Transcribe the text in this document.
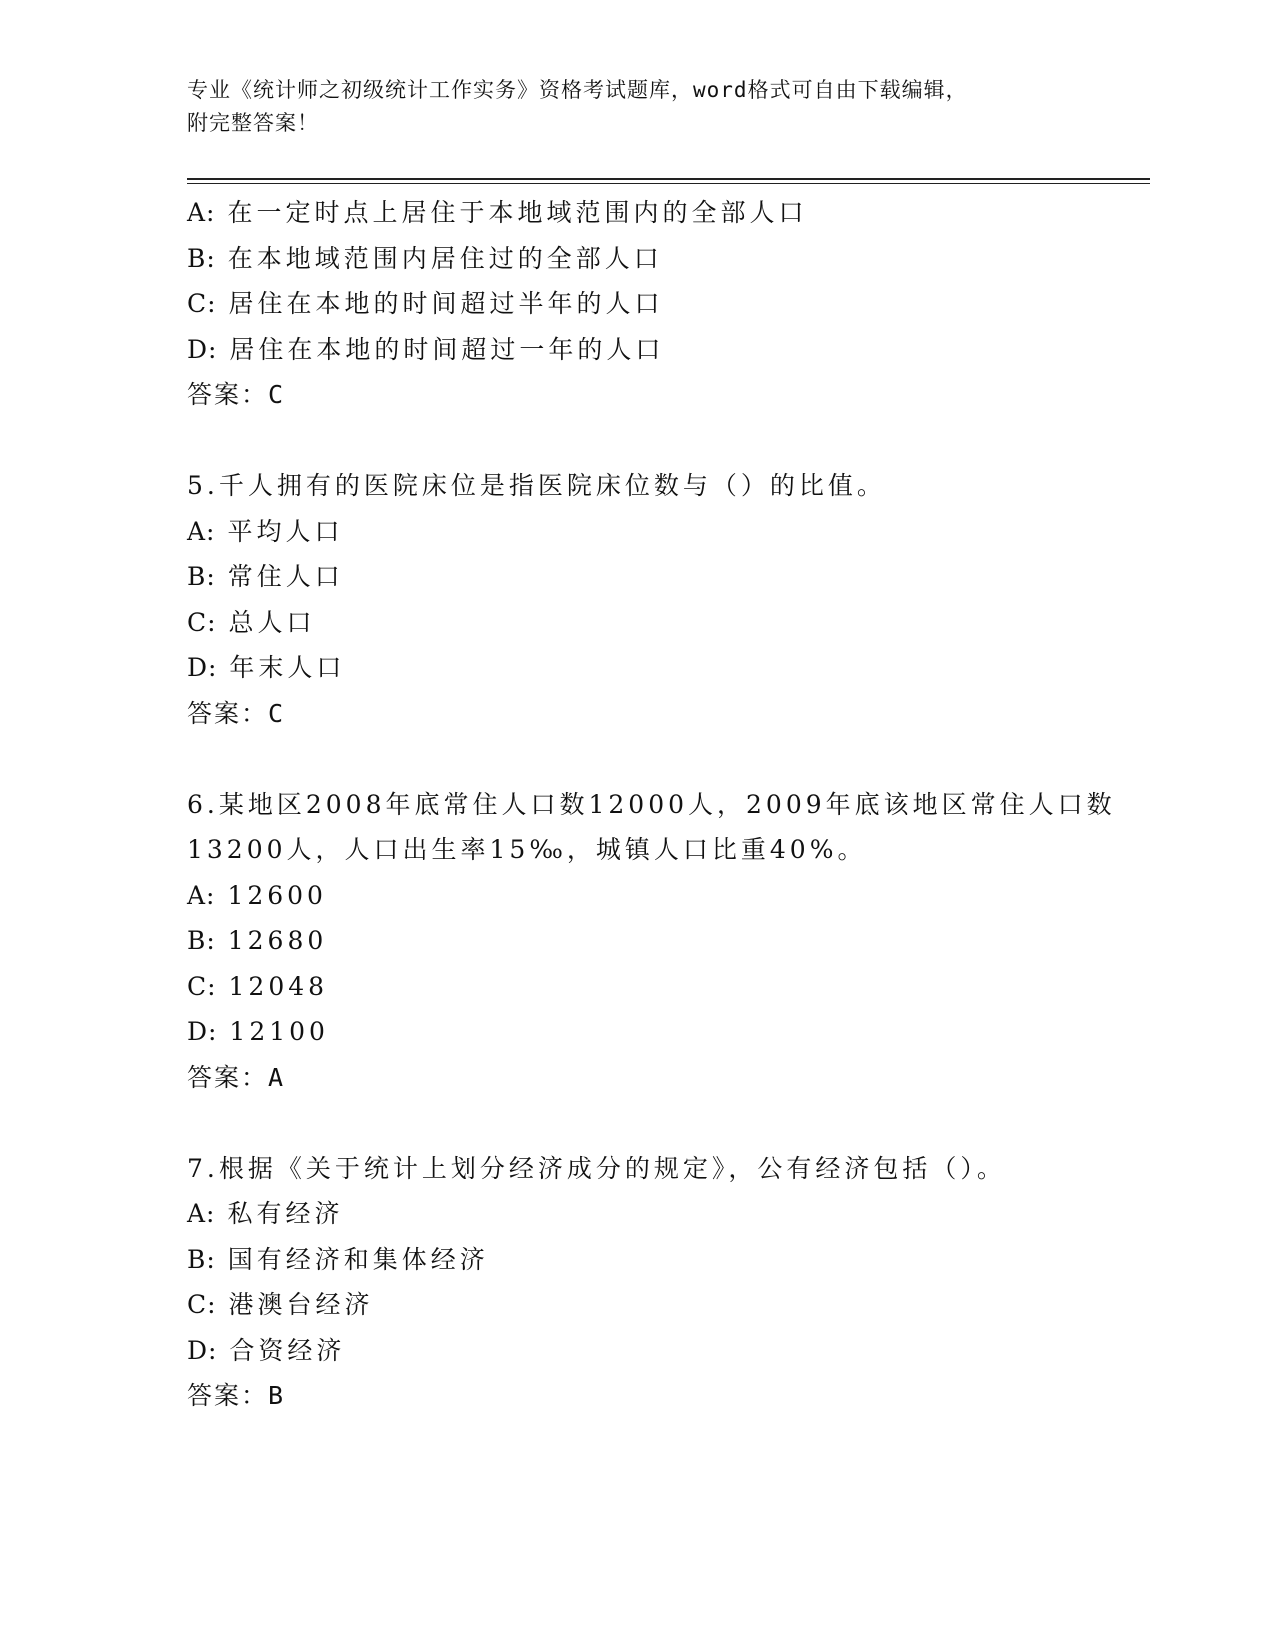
专业《统计师之初级统计工作实务》资格考试题库，word格式可自由下载编辑，
附完整答案！
A: 在一定时点上居住于本地域范围内的全部人口
B: 在本地域范围内居住过的全部人口
C: 居住在本地的时间超过半年的人口
D: 居住在本地的时间超过一年的人口
答案：C
5.千人拥有的医院床位是指医院床位数与（）的比值。
A: 平均人口
B: 常住人口
C: 总人口
D: 年末人口
答案：C
6.某地区2008年底常住人口数12000人，2009年底该地区常住人口数
13200人，人口出生率15‰，城镇人口比重40%。
A: 12600
B: 12680
C: 12048
D: 12100
答案：A
7.根据《关于统计上划分经济成分的规定》，公有经济包括（）。
A: 私有经济
B: 国有经济和集体经济
C: 港澳台经济
D: 合资经济
答案：B
